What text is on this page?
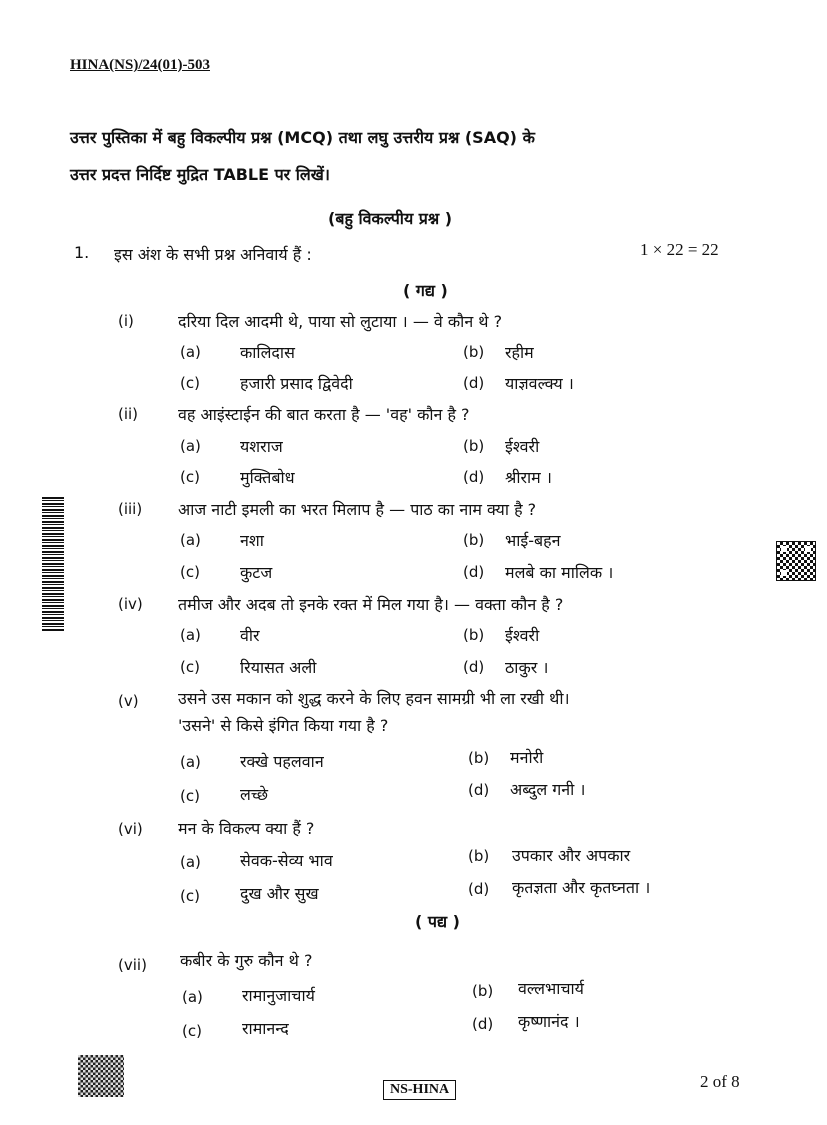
HINA(NS)/24(01)-503
उत्तर पुस्तिका में बहु विकल्पीय प्रश्न (MCQ) तथा लघु उत्तरीय प्रश्न (SAQ) के
उत्तर प्रदत्त निर्दिष्ट मुद्रित TABLE पर लिखें।
(बहु विकल्पीय प्रश्न )
1. इस अंश के सभी प्रश्न अनिवार्य हैं :	1 × 22 = 22
( गद्य )
(i)	दरिया दिल आदमी थे, पाया सो लुटाया । — वे कौन थे ?
(a) कालिदास	(b) रहीम
(c)	हजारी प्रसाद द्विवेदी	(d) याज्ञवल्क्य ।
(ii) वह आइंस्टाईन की बात करता है — 'वह' कौन है ?
(a) यशराज	(b) ईश्वरी
(c)	मुक्तिबोध	(d) श्रीराम ।
(iii) आज नाटी इमली का भरत मिलाप है — पाठ का नाम क्या है ?
(a) नशा	(b) भाई-बहन
(c)	कुटज	(d) मलबे का मालिक ।
(iv) तमीज और अदब तो इनके रक्त में मिल गया है। — वक्ता कौन है ?
(a) वीर	(b) ईश्वरी
(c)	रियासत अली	(d) ठाकुर ।
(v) उसने उस मकान को शुद्ध करने के लिए हवन सामग्री भी ला रखी थी।
'उसने' से किसे इंगित किया गया है ?
(a) रक्खे पहलवान	(b) मनोरी
(c)	लच्छे	(d) अब्दुल गनी ।
(vi) मन के विकल्प क्या हैं ?
(a) सेवक-सेव्य भाव	(b) उपकार और अपकार
(c)	दुख और सुख	(d) कृतज्ञता और कृतघ्नता ।
( पद्य )
(vii) कबीर के गुरु कौन थे ?
(a) रामानुजाचार्य	(b) वल्लभाचार्य
(c)	रामानन्द	(d) कृष्णानंद ।
NS-HINA	2 of 8
